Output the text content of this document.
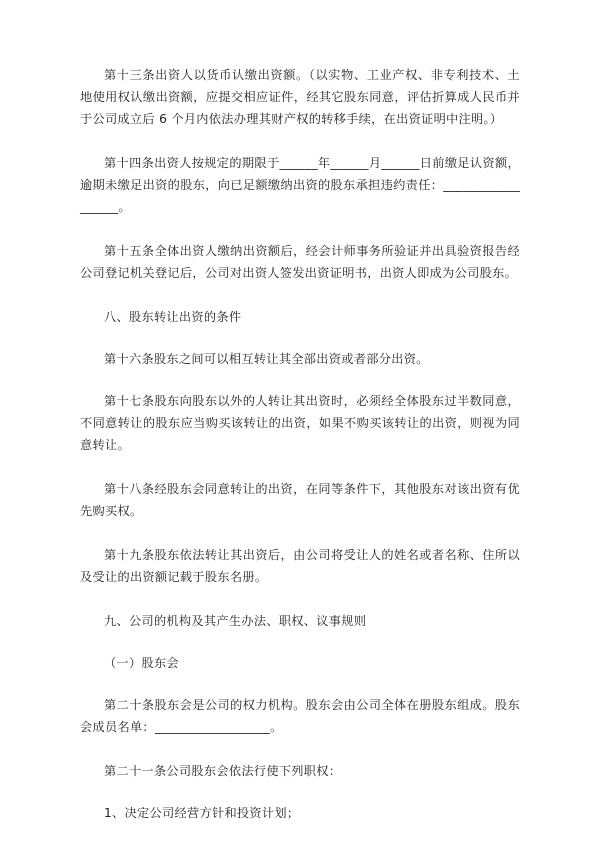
第十三条出资人以货币认缴出资额。（以实物、工业产权、非专利技术、土地使用权认缴出资额，应提交相应证件，经其它股东同意，评估折算成人民币并于公司成立后 6 个月内依法办理其财产权的转移手续，在出资证明中注明。）

第十四条出资人按规定的期限于______年______月______日前缴足认资额，逾期未缴足出资的股东，向已足额缴纳出资的股东承担违约责任：__________________。

第十五条全体出资人缴纳出资额后，经会计师事务所验证并出具验资报告经公司登记机关登记后，公司对出资人签发出资证明书，出资人即成为公司股东。

八、股东转让出资的条件

第十六条股东之间可以相互转让其全部出资或者部分出资。

第十七条股东向股东以外的人转让其出资时，必须经全体股东过半数同意，不同意转让的股东应当购买该转让的出资，如果不购买该转让的出资，则视为同意转让。

第十八条经股东会同意转让的出资，在同等条件下，其他股东对该出资有优先购买权。

第十九条股东依法转让其出资后，由公司将受让人的姓名或者名称、住所以及受让的出资额记载于股东名册。

九、公司的机构及其产生办法、职权、议事规则

（一）股东会

第二十条股东会是公司的权力机构。股东会由公司全体在册股东组成。股东会成员名单：__________________。

第二十一条公司股东会依法行使下列职权：

1、决定公司经营方针和投资计划；
